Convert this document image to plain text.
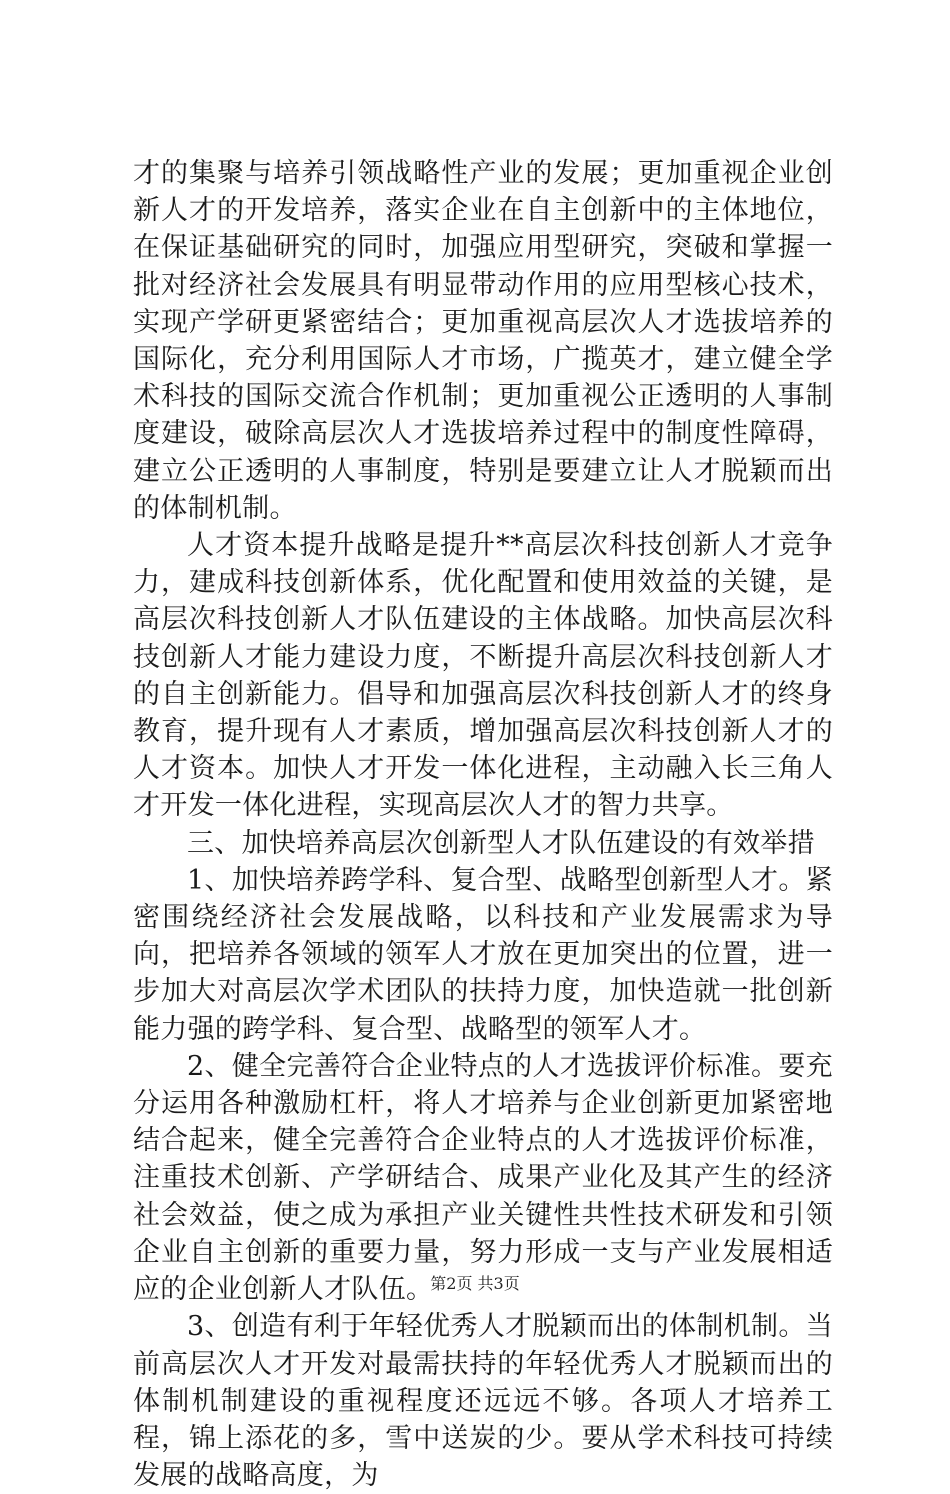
才的集聚与培养引领战略性产业的发展；更加重视企业创新人才的开发培养，落实企业在自主创新中的主体地位，在保证基础研究的同时，加强应用型研究，突破和掌握一批对经济社会发展具有明显带动作用的应用型核心技术，实现产学研更紧密结合；更加重视高层次人才选拔培养的国际化，充分利用国际人才市场，广揽英才，建立健全学术科技的国际交流合作机制；更加重视公正透明的人事制度建设，破除高层次人才选拔培养过程中的制度性障碍，建立公正透明的人事制度，特别是要建立让人才脱颖而出的体制机制。

人才资本提升战略是提升**高层次科技创新人才竞争力，建成科技创新体系，优化配置和使用效益的关键，是高层次科技创新人才队伍建设的主体战略。加快高层次科技创新人才能力建设力度，不断提升高层次科技创新人才的自主创新能力。倡导和加强高层次科技创新人才的终身教育，提升现有人才素质，增加强高层次科技创新人才的人才资本。加快人才开发一体化进程，主动融入长三角人才开发一体化进程，实现高层次人才的智力共享。

三、加快培养高层次创新型人才队伍建设的有效举措

1、加快培养跨学科、复合型、战略型创新型人才。紧密围绕经济社会发展战略，以科技和产业发展需求为导向，把培养各领域的领军人才放在更加突出的位置，进一步加大对高层次学术团队的扶持力度，加快造就一批创新能力强的跨学科、复合型、战略型的领军人才。

2、健全完善符合企业特点的人才选拔评价标准。要充分运用各种激励杠杆，将人才培养与企业创新更加紧密地结合起来，健全完善符合企业特点的人才选拔评价标准，注重技术创新、产学研结合、成果产业化及其产生的经济社会效益，使之成为承担产业关键性共性技术研发和引领企业自主创新的重要力量，努力形成一支与产业发展相适应的企业创新人才队伍。

3、创造有利于年轻优秀人才脱颖而出的体制机制。当前高层次人才开发对最需扶持的年轻优秀人才脱颖而出的体制机制建设的重视程度还远远不够。各项人才培养工程，锦上添花的多，雪中送炭的少。要从学术科技可持续发展的战略高度，为

第2页 共3页
